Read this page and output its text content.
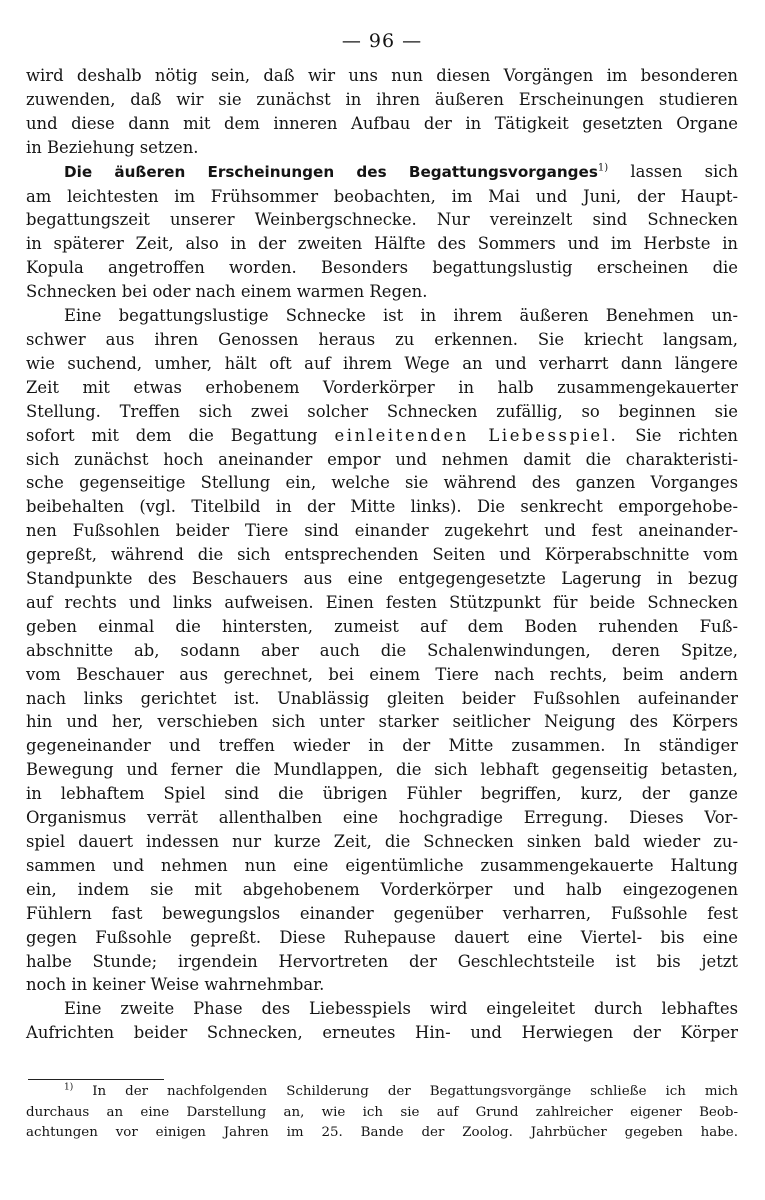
— 96 —
wird deshalb nötig sein, daß wir uns nun diesen Vorgängen im besonderen
zuwenden, daß wir sie zunächst in ihren äußeren Erscheinungen studieren
und diese dann mit dem inneren Aufbau der in Tätigkeit gesetzten Organe
in Beziehung setzen.
Die äußeren Erscheinungen des Begattungsvorganges$^{1)}$ lassen sich
am leichtesten im Frühsommer beobachten, im Mai und Juni, der Haupt-
begattungszeit unserer Weinbergschnecke. Nur vereinzelt sind Schnecken
in späterer Zeit, also in der zweiten Hälfte des Sommers und im Herbste in
Kopula angetroffen worden. Besonders begattungslustig erscheinen die
Schnecken bei oder nach einem warmen Regen.
Eine begattungslustige Schnecke ist in ihrem äußeren Benehmen un-
schwer aus ihren Genossen heraus zu erkennen. Sie kriecht langsam,
wie suchend, umher, hält oft auf ihrem Wege an und verharrt dann längere
Zeit mit etwas erhobenem Vorderkörper in halb zusammengekauerter
Stellung. Treffen sich zwei solcher Schnecken zufällig, so beginnen sie
sofort mit dem die Begattung einleitenden Liebesspiel. Sie richten
sich zunächst hoch aneinander empor und nehmen damit die charakteristi-
sche gegenseitige Stellung ein, welche sie während des ganzen Vorganges
beibehalten (vgl. Titelbild in der Mitte links). Die senkrecht emporgehobe-
nen Fußsohlen beider Tiere sind einander zugekehrt und fest aneinander-
gepreßt, während die sich entsprechenden Seiten und Körperabschnitte vom
Standpunkte des Beschauers aus eine entgegengesetzte Lagerung in bezug
auf rechts und links aufweisen. Einen festen Stützpunkt für beide Schnecken
geben einmal die hintersten, zumeist auf dem Boden ruhenden Fuß-
abschnitte ab, sodann aber auch die Schalenwindungen, deren Spitze,
vom Beschauer aus gerechnet, bei einem Tiere nach rechts, beim andern
nach links gerichtet ist. Unablässig gleiten beider Fußsohlen aufeinander
hin und her, verschieben sich unter starker seitlicher Neigung des Körpers
gegeneinander und treffen wieder in der Mitte zusammen. In ständiger
Bewegung und ferner die Mundlappen, die sich lebhaft gegenseitig betasten,
in lebhaftem Spiel sind die übrigen Fühler begriffen, kurz, der ganze
Organismus verrät allenthalben eine hochgradige Erregung. Dieses Vor-
spiel dauert indessen nur kurze Zeit, die Schnecken sinken bald wieder zu-
sammen und nehmen nun eine eigentümliche zusammengekauerte Haltung
ein, indem sie mit abgehobenem Vorderkörper und halb eingezogenen
Fühlern fast bewegungslos einander gegenüber verharren, Fußsohle fest
gegen Fußsohle gepreßt. Diese Ruhepause dauert eine Viertel- bis eine
halbe Stunde; irgendein Hervortreten der Geschlechtsteile ist bis jetzt
noch in keiner Weise wahrnehmbar.
Eine zweite Phase des Liebesspiels wird eingeleitet durch lebhaftes
Aufrichten beider Schnecken, erneutes Hin- und Herwiegen der Körper
$^{1)}$ In der nachfolgenden Schilderung der Begattungsvorgänge schließe ich mich
durchaus an eine Darstellung an, wie ich sie auf Grund zahlreicher eigener Beob-
achtungen vor einigen Jahren im 25. Bande der Zoolog. Jahrbücher gegeben habe.
